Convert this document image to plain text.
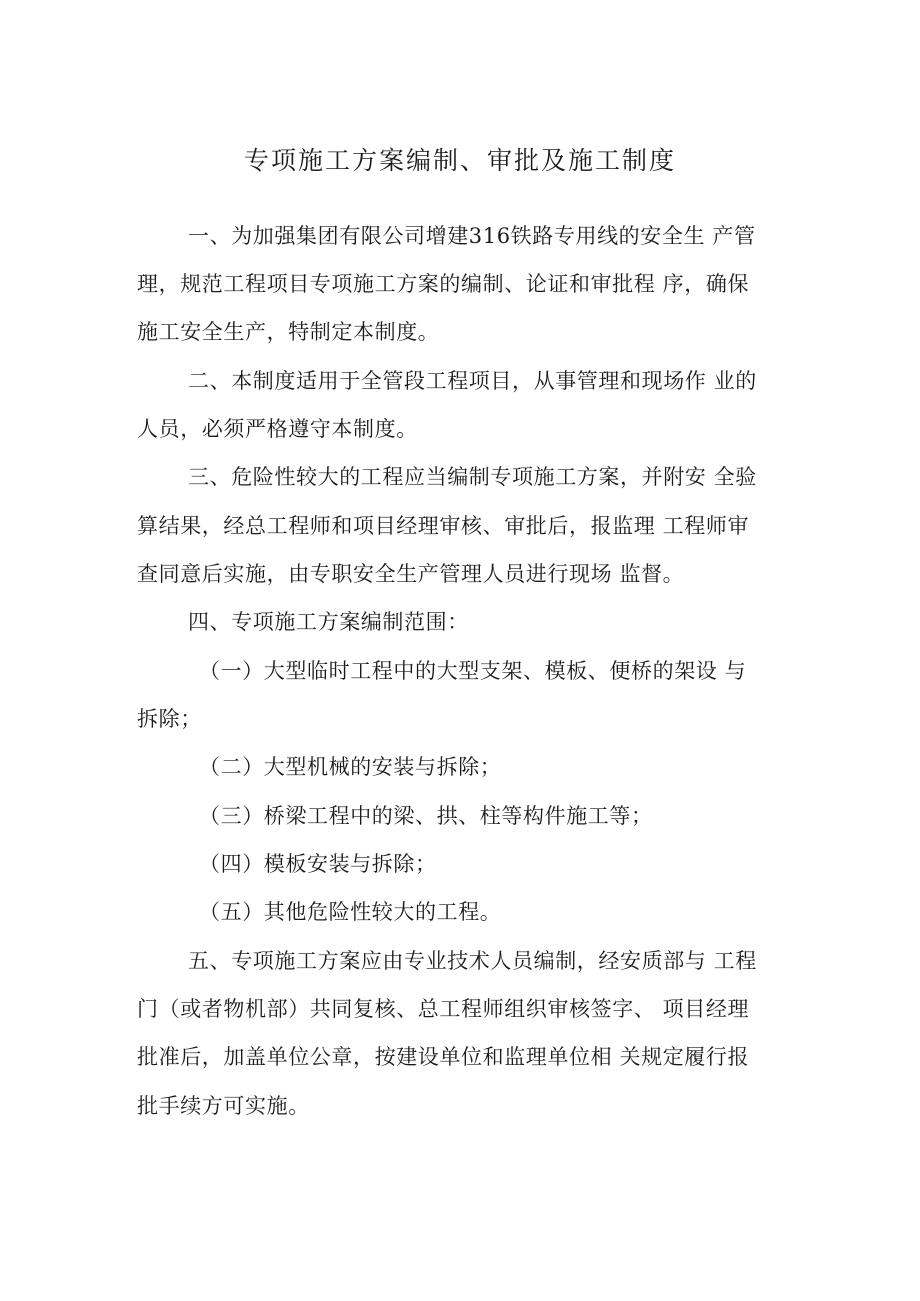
专项施工方案编制、审批及施工制度

一、为加强集团有限公司增建316铁路专用线的安全生 产管

理，规范工程项目专项施工方案的编制、论证和审批程 序，确保

施工安全生产，特制定本制度。

二、本制度适用于全管段工程项目，从事管理和现场作 业的

人员，必须严格遵守本制度。

三、危险性较大的工程应当编制专项施工方案，并附安 全验

算结果，经总工程师和项目经理审核、审批后，报监理 工程师审

查同意后实施，由专职安全生产管理人员进行现场 监督。

四、专项施工方案编制范围：

（一）大型临时工程中的大型支架、模板、便桥的架设 与

拆除；

（二）大型机械的安装与拆除；

（三）桥梁工程中的梁、拱、柱等构件施工等；

（四）模板安装与拆除；

（五）其他危险性较大的工程。

五、专项施工方案应由专业技术人员编制，经安质部与 工程

门（或者物机部）共同复核、总工程师组织审核签字、 项目经理

批准后，加盖单位公章，按建设单位和监理单位相 关规定履行报

批手续方可实施。
